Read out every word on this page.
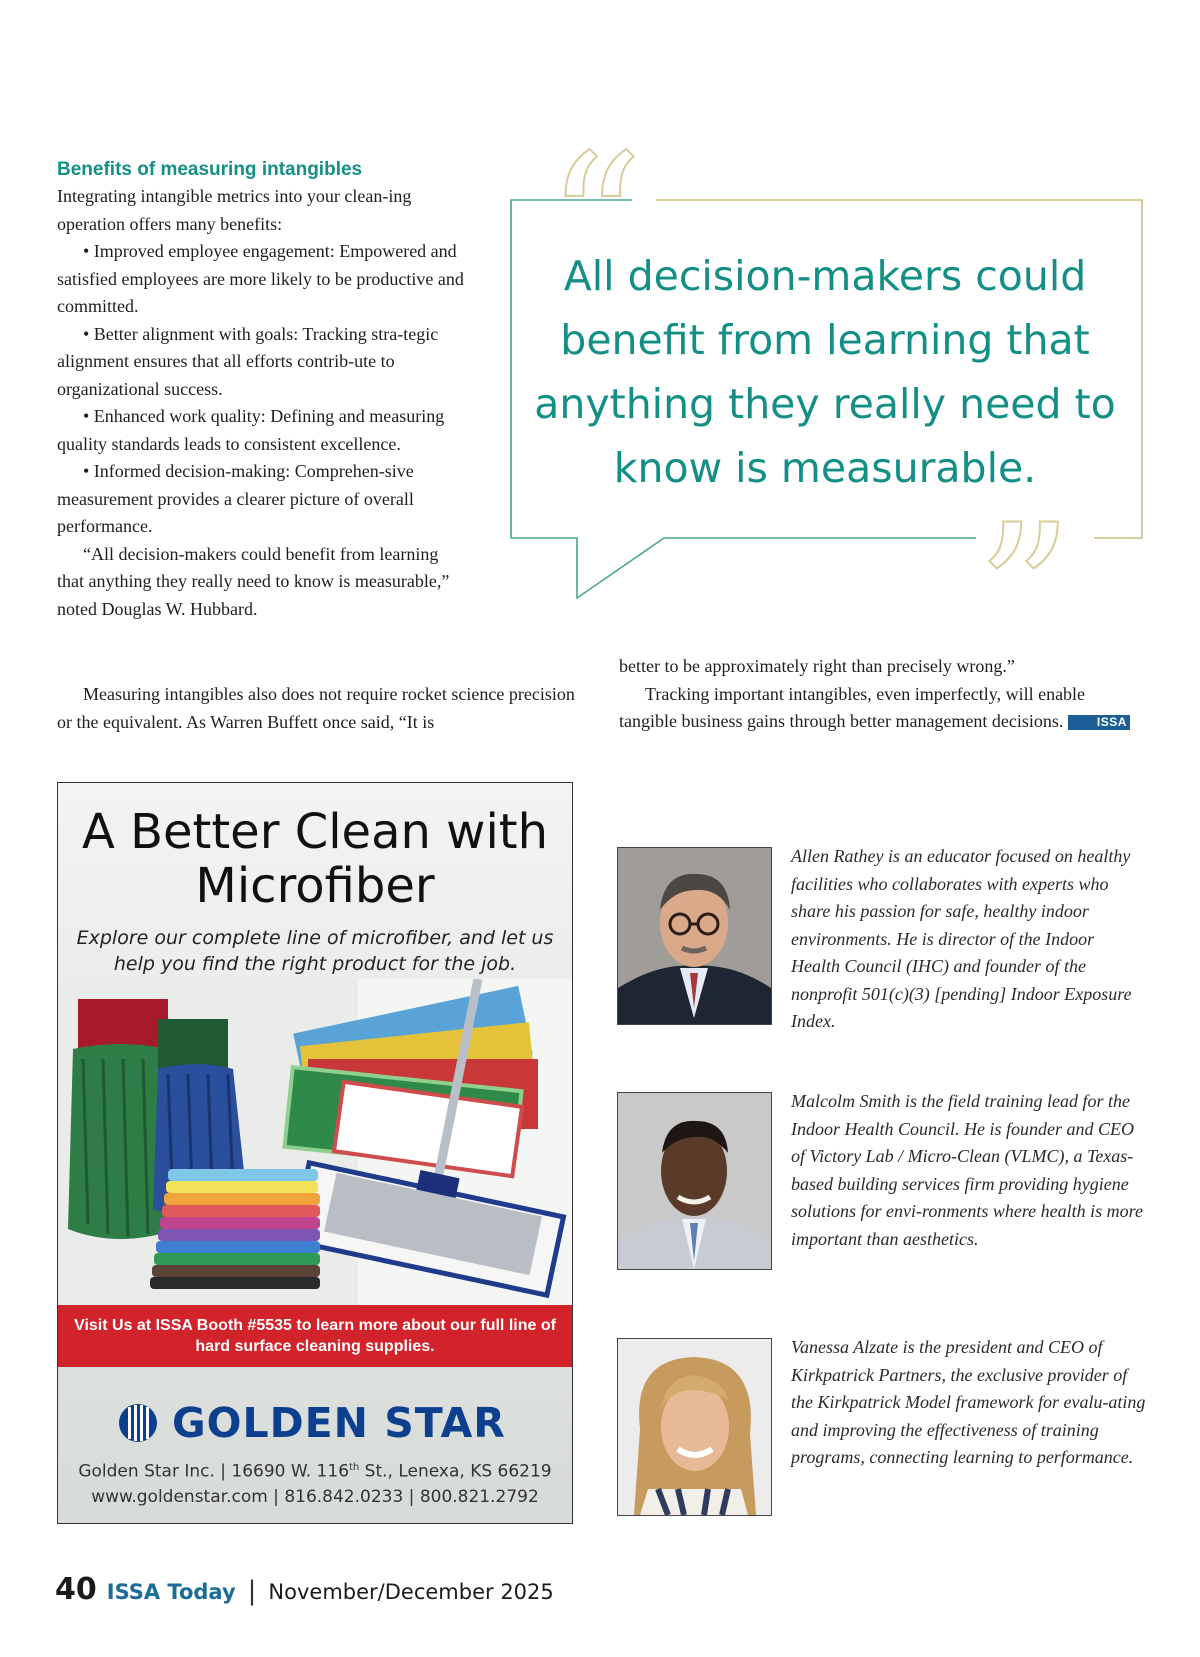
Benefits of measuring intangibles

Integrating intangible metrics into your clean-ing operation offers many benefits:

• Improved employee engagement: Empowered and satisfied employees are more likely to be productive and committed.

• Better alignment with goals: Tracking stra-tegic alignment ensures that all efforts contrib-ute to organizational success.

• Enhanced work quality: Defining and measuring quality standards leads to consistent excellence.

• Informed decision-making: Comprehen-sive measurement provides a clearer picture of overall performance.

“All decision-makers could benefit from learning that anything they really need to know is measurable,” noted Douglas W. Hubbard.

Measuring intangibles also does not require rocket science precision or the equivalent. As Warren Buffett once said, “It is

better to be approximately right than precisely wrong.”

Tracking important intangibles, even imperfectly, will enable tangible business gains through better management decisions.	ISSA

“
”
All decision-makers could benefit from learning that anything they really need to know is measurable.
A Better Clean with Microfiber
Explore our complete line of microfiber, and let us help you find the right product for the job.
Visit Us at ISSA Booth #5535 to learn more about our full line of hard surface cleaning supplies.
GOLDEN STAR
Golden Star Inc. | 16690 W. 116th St., Lenexa, KS 66219
www.goldenstar.com | 816.842.0233 | 800.821.2792
Allen Rathey is an educator focused on healthy facilities who collaborates with experts who share his passion for safe, healthy indoor environments. He is director of the Indoor Health Council (IHC) and founder of the nonprofit 501(c)(3) [pending] Indoor Exposure Index.
Malcolm Smith is the field training lead for the Indoor Health Council. He is founder and CEO of Victory Lab / Micro-Clean (VLMC), a Texas-based building services firm providing hygiene solutions for envi-ronments where health is more important than aesthetics.
Vanessa Alzate is the president and CEO of Kirkpatrick Partners, the exclusive provider of the Kirkpatrick Model framework for evalu-ating and improving the effectiveness of training programs, connecting learning to performance.
40 ISSA Today | November/December 2025
